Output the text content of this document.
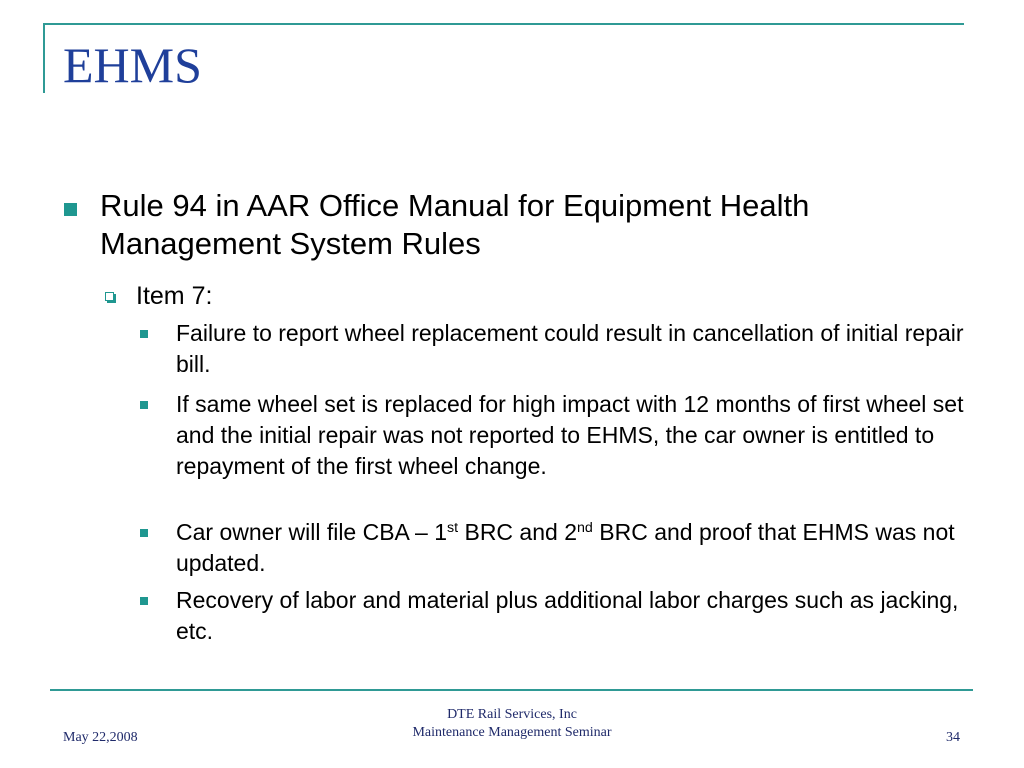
EHMS
Rule 94 in AAR Office Manual for Equipment Health Management System Rules
Item 7:
Failure to report wheel replacement could result in cancellation of initial repair bill.
If same wheel set is replaced for high impact with 12 months of first wheel set and the initial repair was not reported to EHMS, the car owner is entitled to repayment of the first wheel change.
Car owner will file CBA – 1st BRC and 2nd BRC and proof that EHMS was not updated.
Recovery of labor and material plus additional labor charges such as jacking, etc.
May 22,2008
DTE Rail Services, Inc
Maintenance Management Seminar	34
